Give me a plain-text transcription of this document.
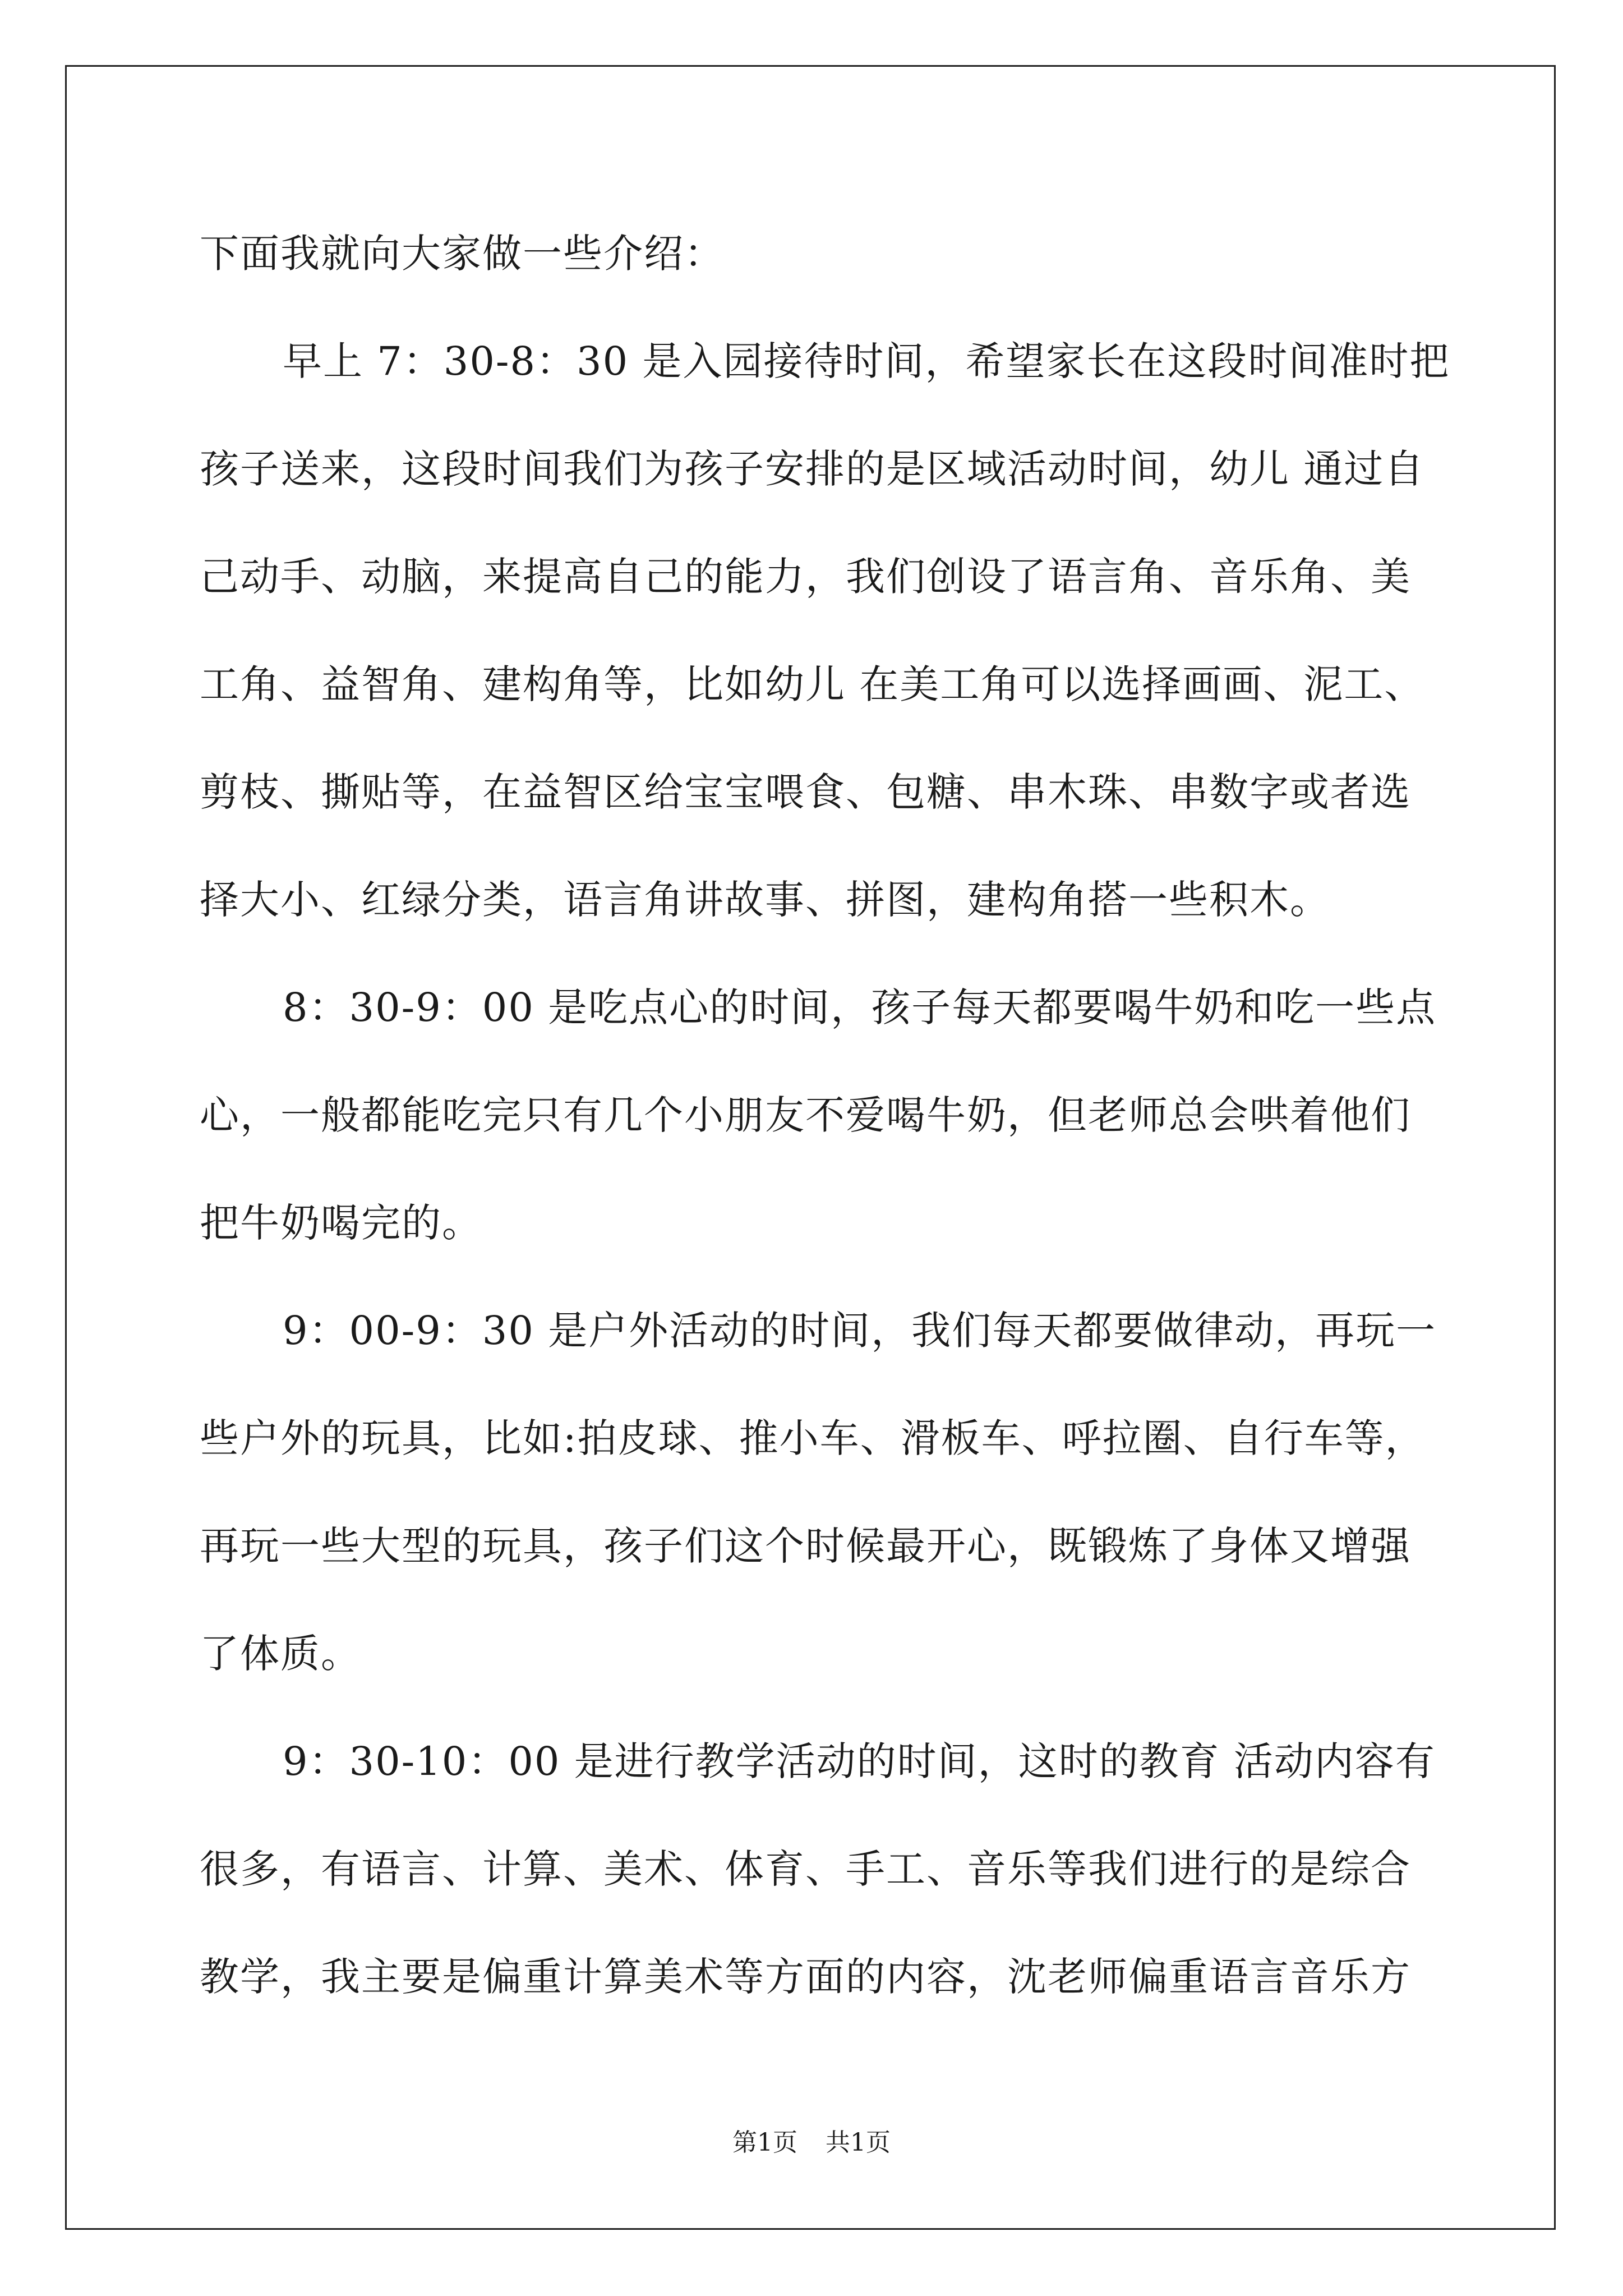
下面我就向大家做一些介绍：
早上 7：30-8：30 是入园接待时间，希望家长在这段时间准时把
孩子送来，这段时间我们为孩子安排的是区域活动时间，幼儿 通过自
己动手、动脑，来提高自己的能力，我们创设了语言角、音乐角、美
工角、益智角、建构角等，比如幼儿 在美工角可以选择画画、泥工、
剪枝、撕贴等，在益智区给宝宝喂食、包糖、串木珠、串数字或者选
择大小、红绿分类，语言角讲故事、拼图，建构角搭一些积木。
8：30-9：00 是吃点心的时间，孩子每天都要喝牛奶和吃一些点
心，一般都能吃完只有几个小朋友不爱喝牛奶，但老师总会哄着他们
把牛奶喝完的。
9：00-9：30 是户外活动的时间，我们每天都要做律动，再玩一
些户外的玩具，比如:拍皮球、推小车、滑板车、呼拉圈、自行车等，
再玩一些大型的玩具，孩子们这个时候最开心，既锻炼了身体又增强
了体质。
9：30-10：00 是进行教学活动的时间，这时的教育 活动内容有
很多，有语言、计算、美术、体育、手工、音乐等我们进行的是综合
教学，我主要是偏重计算美术等方面的内容，沈老师偏重语言音乐方
第1页 共1页
